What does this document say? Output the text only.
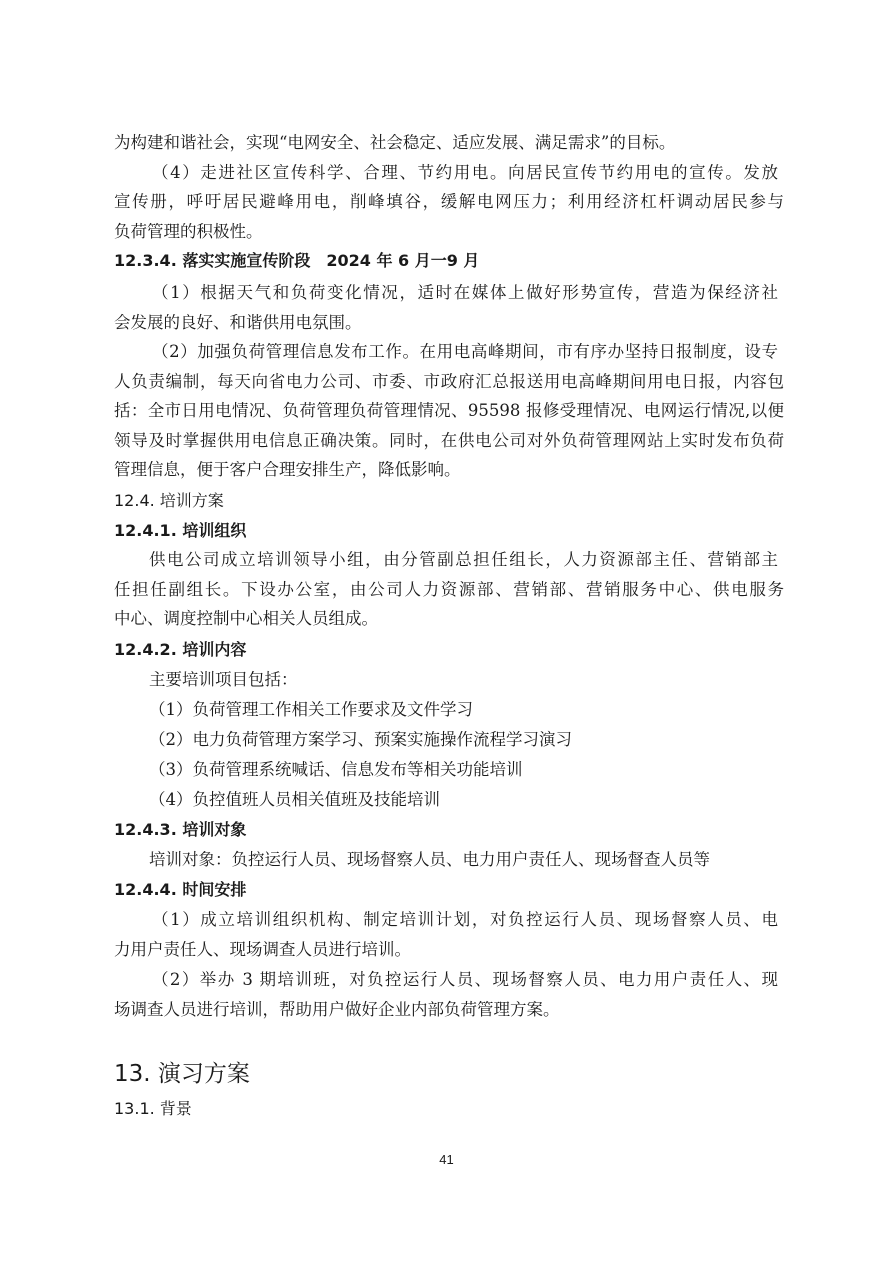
为构建和谐社会，实现“电网安全、社会稳定、适应发展、满足需求”的目标。
（4）走进社区宣传科学、合理、节约用电。向居民宣传节约用电的宣传。发放
宣传册，呼吁居民避峰用电，削峰填谷，缓解电网压力；利用经济杠杆调动居民参与
负荷管理的积极性。
12.3.4. 落实实施宣传阶段　2024 年 6 月一9 月
（1）根据天气和负荷变化情况，适时在媒体上做好形势宣传，营造为保经济社
会发展的良好、和谐供用电氛围。
（2）加强负荷管理信息发布工作。在用电高峰期间，市有序办坚持日报制度，设专
人负责编制，每天向省电力公司、市委、市政府汇总报送用电高峰期间用电日报，内容包
括：全市日用电情况、负荷管理负荷管理情况、95598 报修受理情况、电网运行情况,以便
领导及时掌握供用电信息正确决策。同时，在供电公司对外负荷管理网站上实时发布负荷
管理信息，便于客户合理安排生产，降低影响。
12.4. 培训方案
12.4.1. 培训组织
供电公司成立培训领导小组，由分管副总担任组长，人力资源部主任、营销部主
任担任副组长。下设办公室，由公司人力资源部、营销部、营销服务中心、供电服务
中心、调度控制中心相关人员组成。
12.4.2. 培训内容
主要培训项目包括：
（1）负荷管理工作相关工作要求及文件学习
（2）电力负荷管理方案学习、预案实施操作流程学习演习
（3）负荷管理系统喊话、信息发布等相关功能培训
（4）负控值班人员相关值班及技能培训
12.4.3. 培训对象
培训对象：负控运行人员、现场督察人员、电力用户责任人、现场督查人员等
12.4.4. 时间安排
（1）成立培训组织机构、制定培训计划，对负控运行人员、现场督察人员、电
力用户责任人、现场调查人员进行培训。
（2）举办 3 期培训班，对负控运行人员、现场督察人员、电力用户责任人、现
场调查人员进行培训，帮助用户做好企业内部负荷管理方案。
13. 演习方案
13.1. 背景
41
